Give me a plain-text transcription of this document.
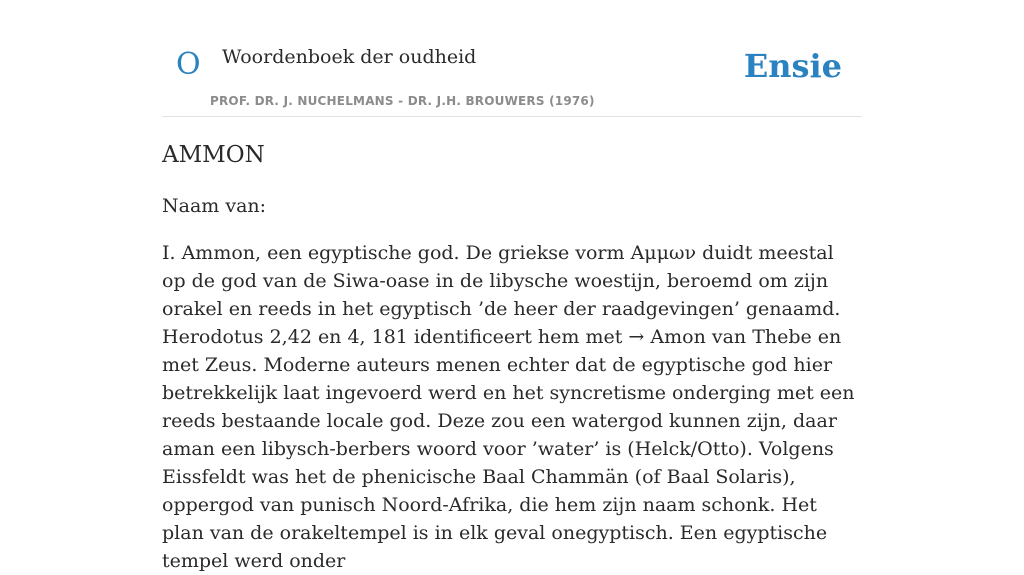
O Woordenboek der oudheid
PROF. DR. J. NUCHELMANS - DR. J.H. BROUWERS (1976)
Ensie
AMMON
Naam van:
I. Ammon, een egyptische god. De griekse vorm Αμμων duidt meestal op de god van de Siwa-oase in de libysche woestijn, beroemd om zijn orakel en reeds in het egyptisch ’de heer der raadgevingen’ genaamd. Herodotus 2,42 en 4, 181 identificeert hem met → Amon van Thebe en met Zeus. Moderne auteurs menen echter dat de egyptische god hier betrekkelijk laat ingevoerd werd en het syncretisme onderging met een reeds bestaande locale god. Deze zou een watergod kunnen zijn, daar aman een libysch-berbers woord voor ’water’ is (Helck/Otto). Volgens Eissfeldt was het de phenicische Baal Chammän (of Baal Solaris), oppergod van punisch Noord-Afrika, die hem zijn naam schonk. Het plan van de orakeltempel is in elk geval onegyptisch. Een egyptische tempel werd onder
